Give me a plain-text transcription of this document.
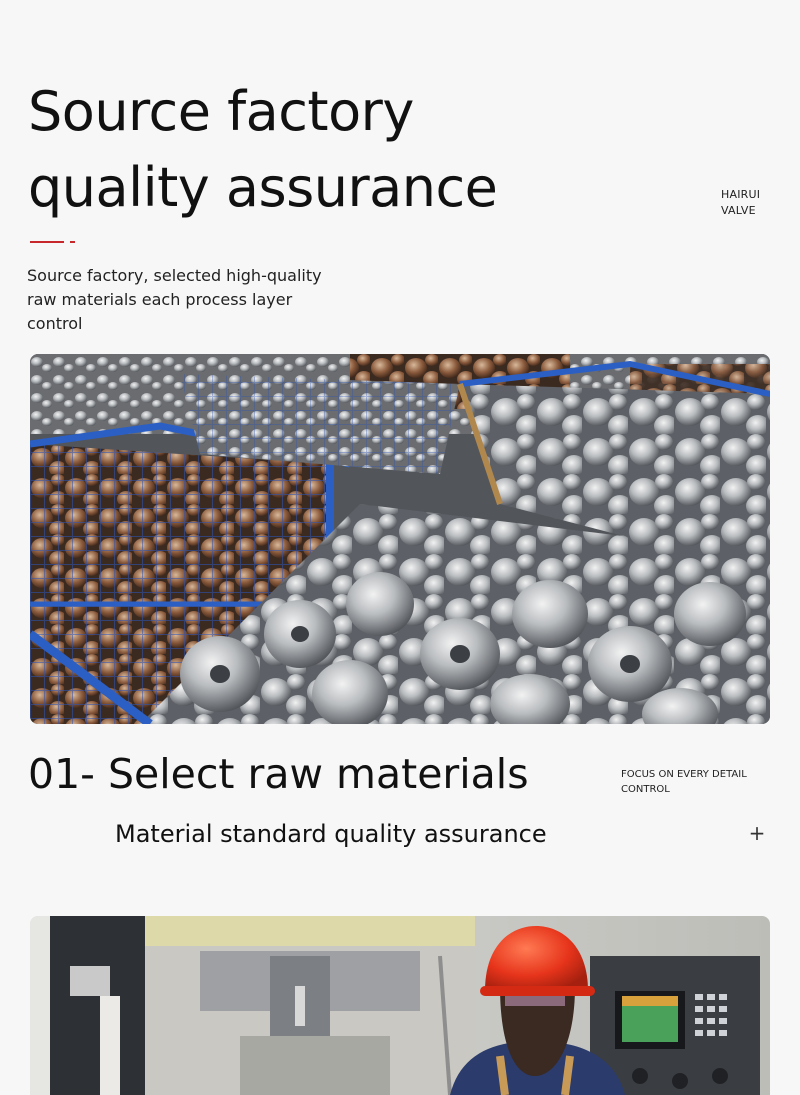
Source factory
quality assurance	HAIRUI
VALVE
Source factory, selected high-quality raw materials each process layer control
01- Select raw materials	FOCUS ON EVERY DETAIL
CONTROL
Material standard quality assurance	+
